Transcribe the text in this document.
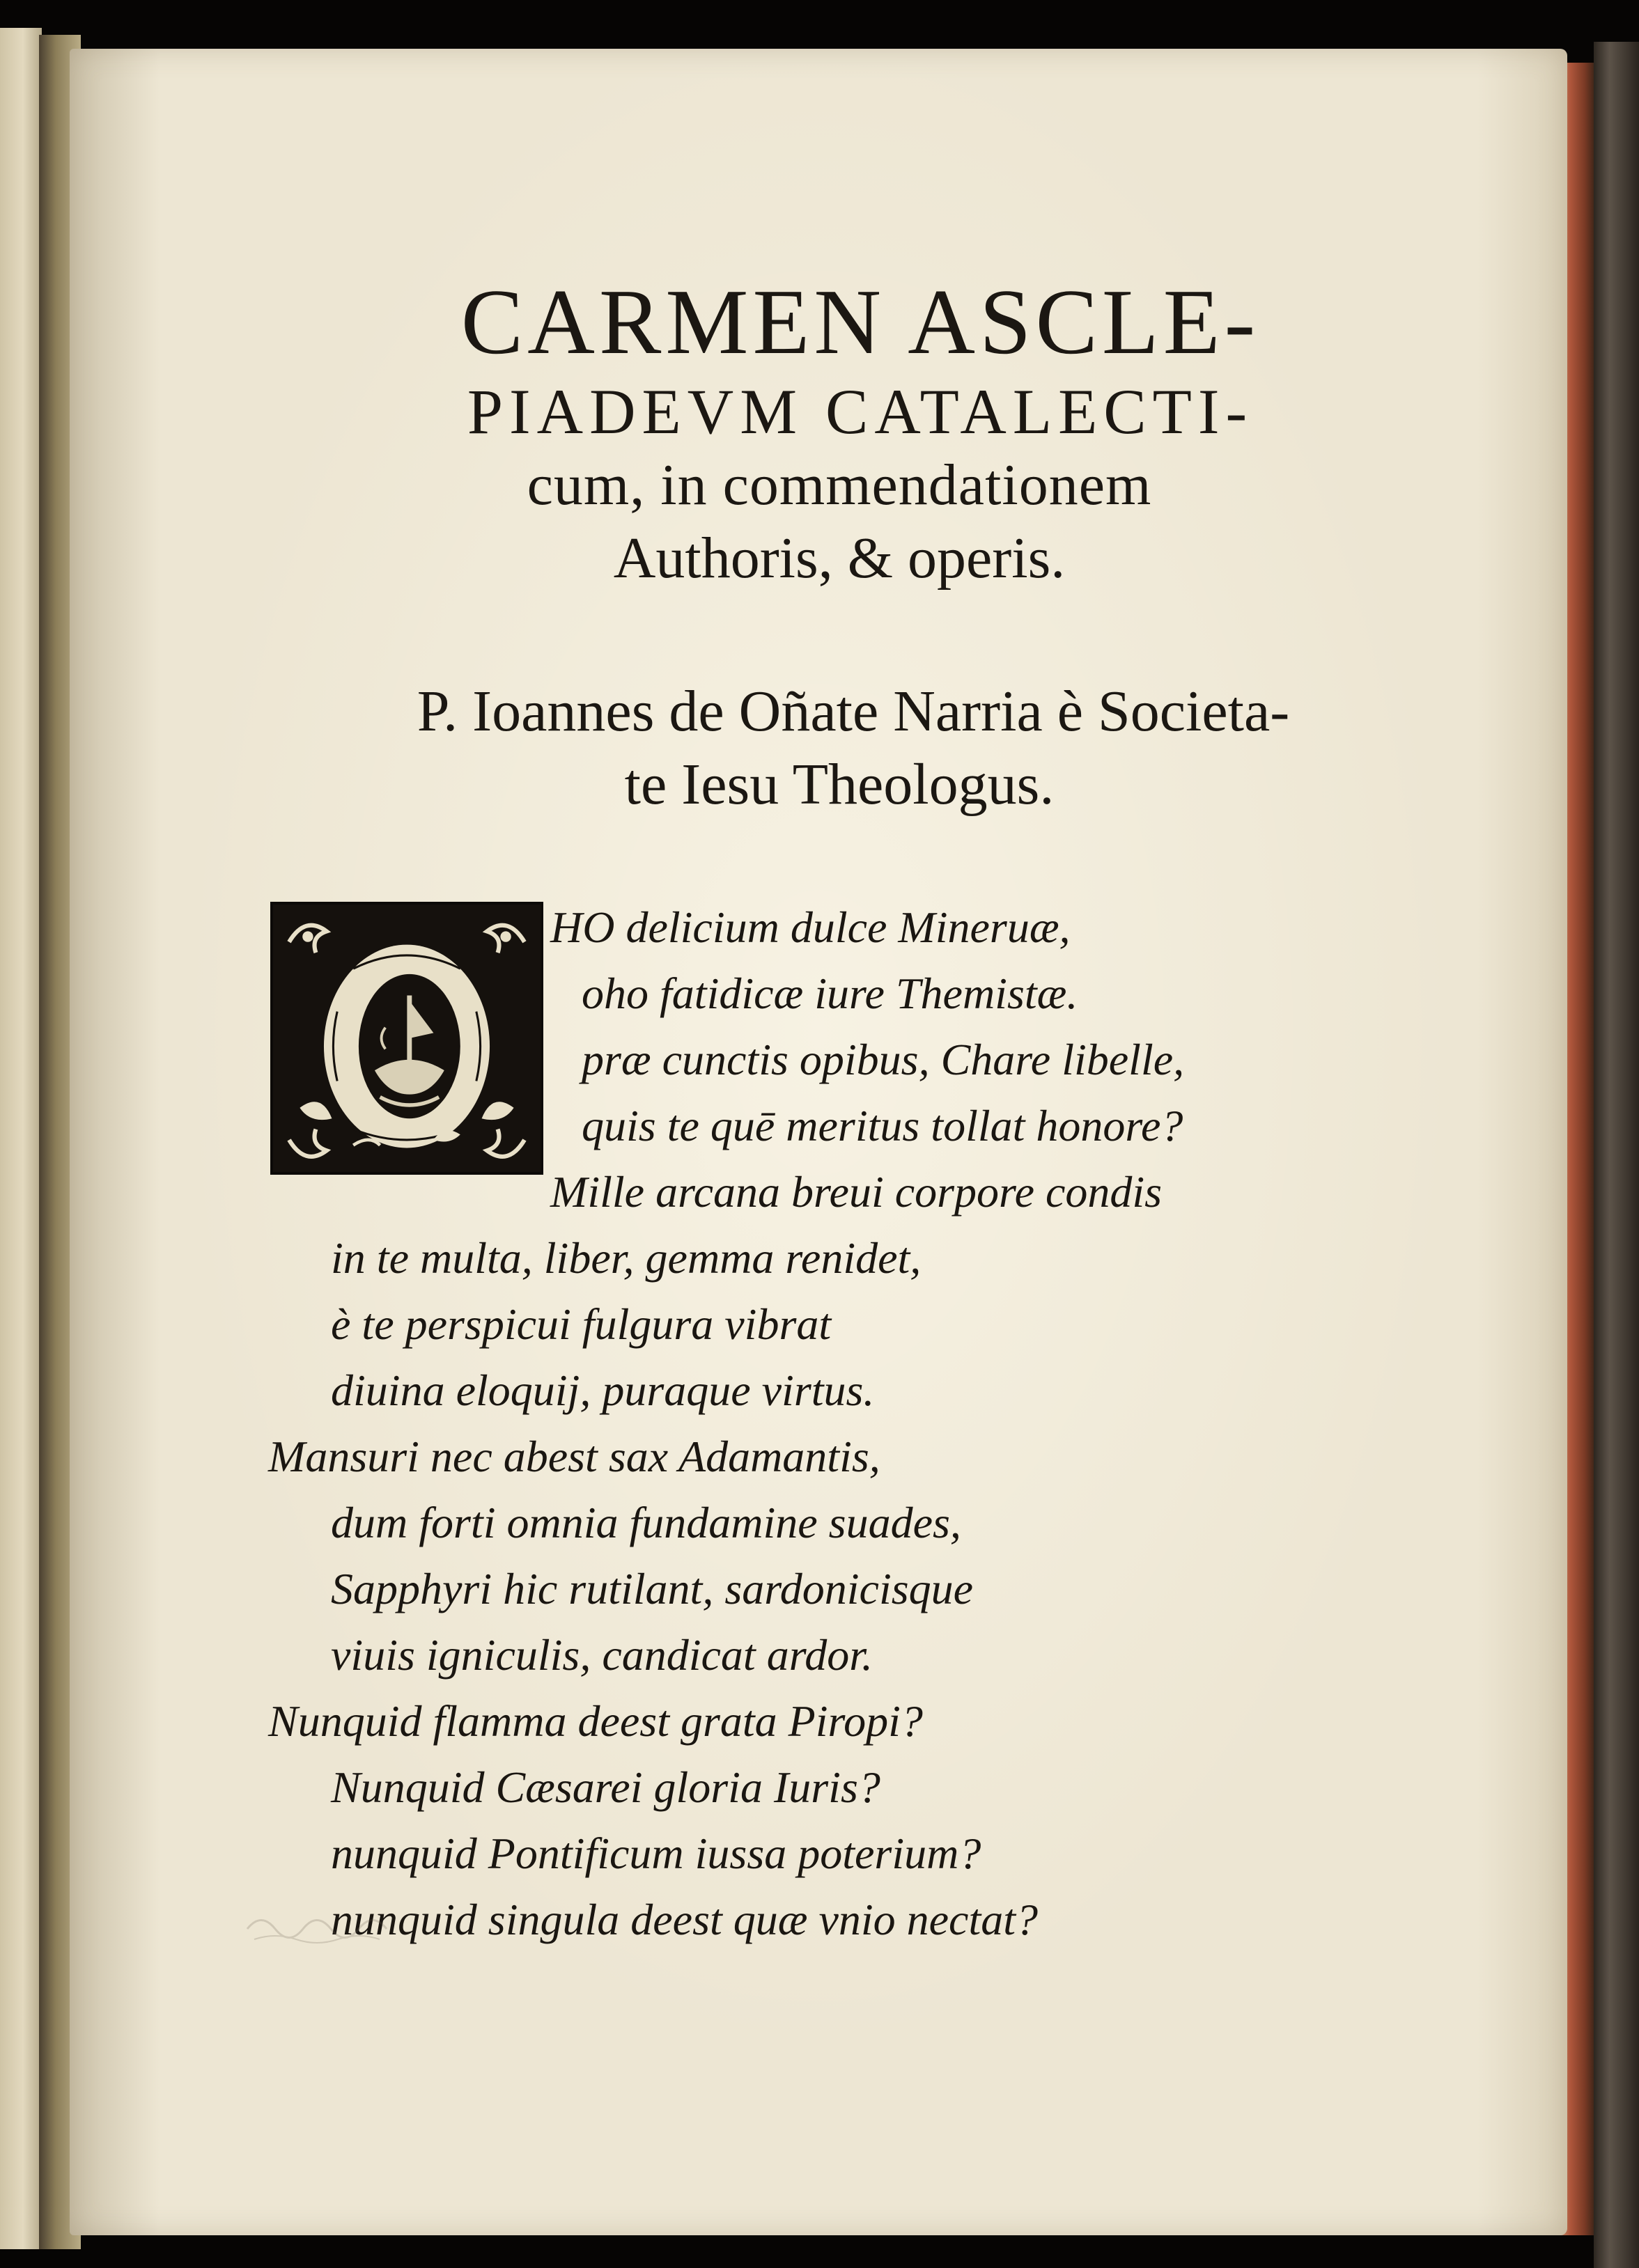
CARMEN ASCLE-
PIADEVM CATALECTI-
cum, in commendationem
Authoris, & operis.
P. Ioannes de Oñate Narria è Societa-
te Iesu Theologus.
HO delicium dulce Mineruæ,
oho fatidicæ iure Themistæ.
præ cunctis opibus, Chare libelle,
quis te quē meritus tollat honore?
Mille arcana breui corpore condis
in te multa, liber, gemma renidet,
è te perspicui fulgura vibrat
diuina eloquij, puraque virtus.
Mansuri nec abest sax Adamantis,
dum forti omnia fundamine suades,
Sapphyri hic rutilant, sardonicisque
viuis igniculis, candicat ardor.
Nunquid flamma deest grata Piropi?
Nunquid Cæsarei gloria Iuris?
nunquid Pontificum iussa poterium?
nunquid singula deest quæ vnio nectat?
